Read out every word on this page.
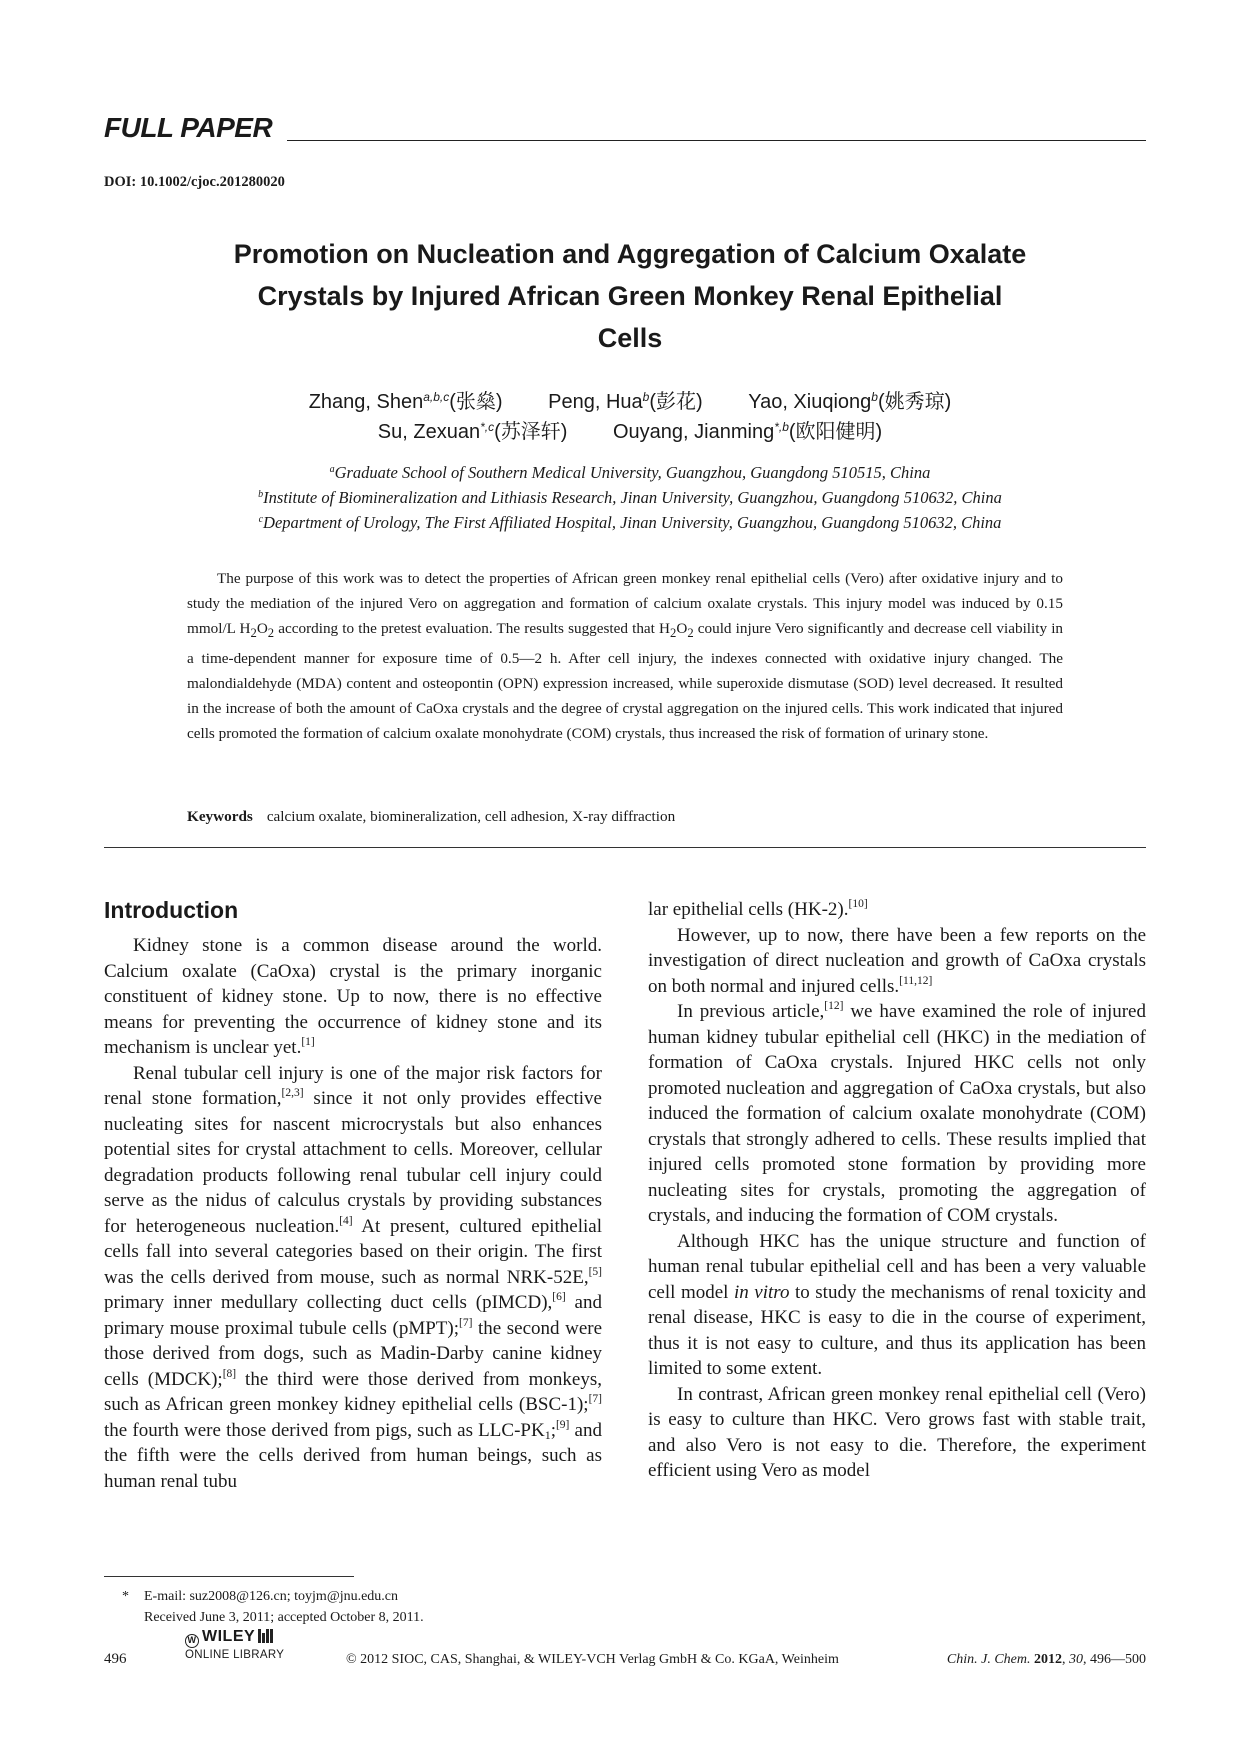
FULL PAPER
DOI: 10.1002/cjoc.201280020
Promotion on Nucleation and Aggregation of Calcium Oxalate
Crystals by Injured African Green Monkey Renal Epithelial
Cells
Zhang, Shen$^{a,b,c}$(张燊) Peng, Hua$^b$(彭花) Yao, Xiuqiong$^b$(姚秀琼)
Su, Zexuan$^{*,c}$(苏泽轩) Ouyang, Jianming$^{*,b}$(欧阳健明)
$^a$Graduate School of Southern Medical University, Guangzhou, Guangdong 510515, China
$^b$Institute of Biomineralization and Lithiasis Research, Jinan University, Guangzhou, Guangdong 510632, China
$^c$Department of Urology, The First Affiliated Hospital, Jinan University, Guangzhou, Guangdong 510632, China
The purpose of this work was to detect the properties of African green monkey renal epithelial cells (Vero) after oxidative injury and to study the mediation of the injured Vero on aggregation and formation of calcium oxalate crystals. This injury model was induced by 0.15 mmol/L $H_2O_2$ according to the pretest evaluation. The results suggested that $H_2O_2$ could injure Vero significantly and decrease cell viability in a time-dependent manner for exposure time of 0.5—2 h. After cell injury, the indexes connected with oxidative injury changed. The malondialdehyde (MDA) content and osteopontin (OPN) expression increased, while superoxide dismutase (SOD) level decreased. It resulted in the increase of both the amount of CaOxa crystals and the degree of crystal aggregation on the injured cells. This work indicated that injured cells promoted the formation of calcium oxalate monohydrate (COM) crystals, thus increased the risk of formation of urinary stone.
Keywords calcium oxalate, biomineralization, cell adhesion, X-ray diffraction
Introduction

Kidney stone is a common disease around the world. Calcium oxalate (CaOxa) crystal is the primary inorganic constituent of kidney stone. Up to now, there is no effective means for preventing the occurrence of kidney stone and its mechanism is unclear yet.[1]

Renal tubular cell injury is one of the major risk factors for renal stone formation,[2,3] since it not only provides effective nucleating sites for nascent microcrystals but also enhances potential sites for crystal attachment to cells. Moreover, cellular degradation products following renal tubular cell injury could serve as the nidus of calculus crystals by providing substances for heterogeneous nucleation.[4] At present, cultured epithelial cells fall into several categories based on their origin. The first was the cells derived from mouse, such as normal NRK-52E,[5] primary inner medullary collecting duct cells (pIMCD),[6] and primary mouse proximal tubule cells (pMPT);[7] the second were those derived from dogs, such as Madin-Darby canine kidney cells (MDCK);[8] the third were those derived from monkeys, such as African green monkey kidney epithelial cells (BSC-1);[7] the fourth were those derived from pigs, such as LLC-$PK_1;[9]$ and the fifth were the cells derived from human beings, such as human renal tubu

lar epithelial cells (HK-2).[10]

However, up to now, there have been a few reports on the investigation of direct nucleation and growth of CaOxa crystals on both normal and injured cells.[11,12]

In previous article,[12] we have examined the role of injured human kidney tubular epithelial cell (HKC) in the mediation of formation of CaOxa crystals. Injured HKC cells not only promoted nucleation and aggregation of CaOxa crystals, but also induced the formation of calcium oxalate monohydrate (COM) crystals that strongly adhered to cells. These results implied that injured cells promoted stone formation by providing more nucleating sites for crystals, promoting the aggregation of crystals, and inducing the formation of COM crystals.

Although HKC has the unique structure and function of human renal tubular epithelial cell and has been a very valuable cell model in vitro to study the mechanisms of renal toxicity and renal disease, HKC is easy to die in the course of experiment, thus it is not easy to culture, and thus its application has been limited to some extent.

In contrast, African green monkey renal epithelial cell (Vero) is easy to culture than HKC. Vero grows fast with stable trait, and also Vero is not easy to die. Therefore, the experiment efficient using Vero as model

* E-mail: suz2008@126.cn; toyjm@jnu.edu.cn
Received June 3, 2011; accepted October 8, 2011.
496
W WILEY
ONLINE LIBRARY	© 2012 SIOC, CAS, Shanghai, & WILEY-VCH Verlag GmbH & Co. KGaA, Weinheim	Chin. J. Chem. 2012, 30, 496—500
